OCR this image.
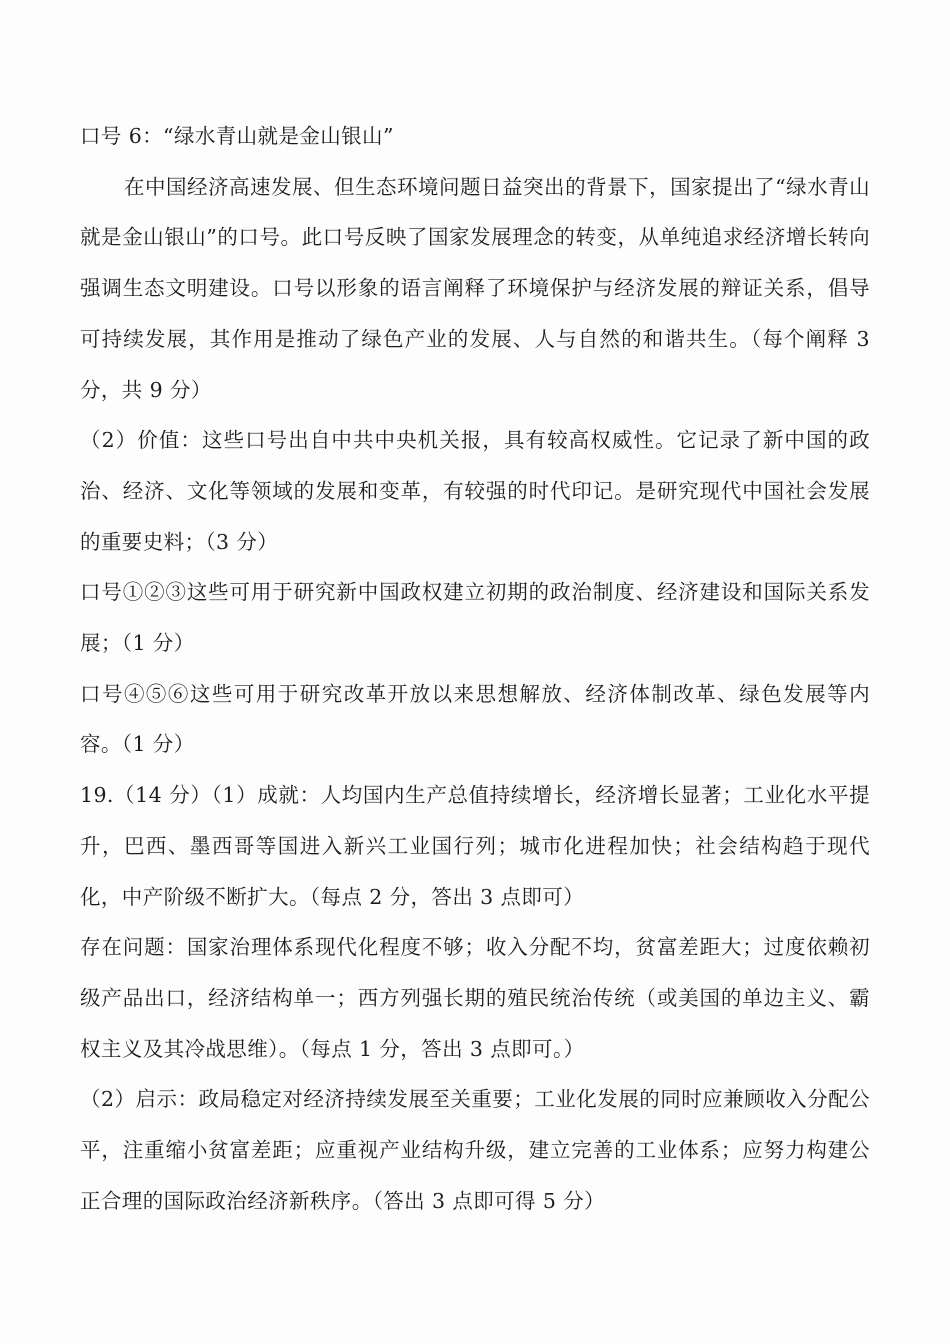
口号 6：“绿水青山就是金山银山”

在中国经济高速发展、但生态环境问题日益突出的背景下，国家提出了“绿水青山就是金山银山”的口号。此口号反映了国家发展理念的转变，从单纯追求经济增长转向强调生态文明建设。口号以形象的语言阐释了环境保护与经济发展的辩证关系，倡导可持续发展，其作用是推动了绿色产业的发展、人与自然的和谐共生。（每个阐释 3 分，共 9 分）

（2）价值：这些口号出自中共中央机关报，具有较高权威性。它记录了新中国的政治、经济、文化等领域的发展和变革，有较强的时代印记。是研究现代中国社会发展的重要史料；（3 分）

口号①②③这些可用于研究新中国政权建立初期的政治制度、经济建设和国际关系发展；（1 分）

口号④⑤⑥这些可用于研究改革开放以来思想解放、经济体制改革、绿色发展等内容。（1 分）

19.（14 分）（1）成就：人均国内生产总值持续增长，经济增长显著；工业化水平提升，巴西、墨西哥等国进入新兴工业国行列；城市化进程加快；社会结构趋于现代化，中产阶级不断扩大。（每点 2 分，答出 3 点即可）

存在问题：国家治理体系现代化程度不够；收入分配不均，贫富差距大；过度依赖初级产品出口，经济结构单一；西方列强长期的殖民统治传统（或美国的单边主义、霸权主义及其冷战思维）。（每点 1 分，答出 3 点即可。）

（2）启示：政局稳定对经济持续发展至关重要；工业化发展的同时应兼顾收入分配公平，注重缩小贫富差距；应重视产业结构升级，建立完善的工业体系；应努力构建公正合理的国际政治经济新秩序。（答出 3 点即可得 5 分）
